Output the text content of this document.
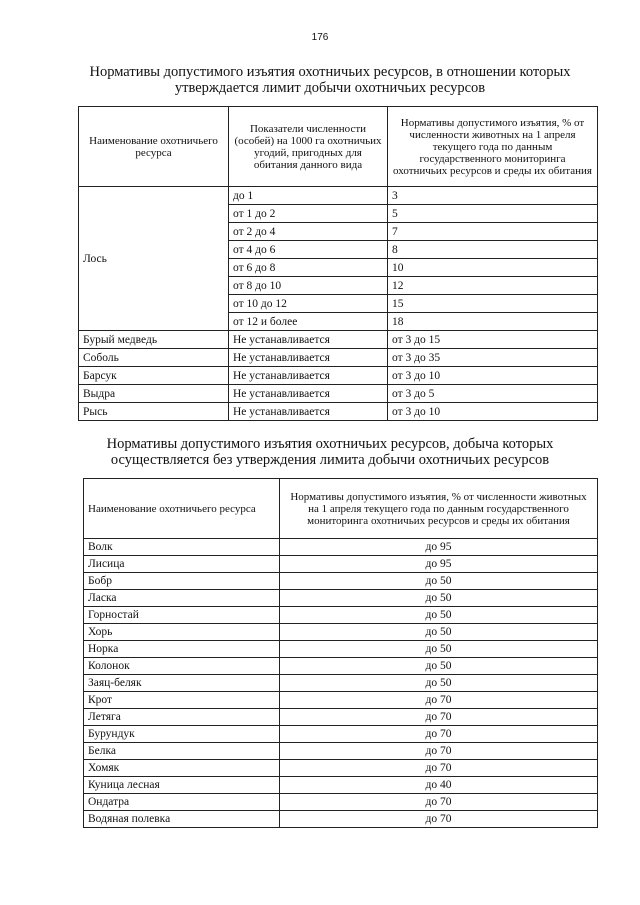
176
Нормативы допустимого изъятия охотничьих ресурсов, в отношении которых утверждается лимит добычи охотничьих ресурсов
Наименование охотничьего ресурса	Показатели численности (особей) на 1000 га охотничьих угодий, пригодных для обитания данного вида	Нормативы допустимого изъятия, % от численности животных на 1 апреля текущего года по данным государственного мониторинга охотничьих ресурсов и среды их обитания
Лось	до 1	3
	от 1 до 2	5
	от 2 до 4	7
	от 4 до 6	8
	от 6 до 8	10
	от 8 до 10	12
	от 10 до 12	15
	от 12 и более	18
Бурый медведь	Не устанавливается	от 3 до 15
Соболь	Не устанавливается	от 3 до 35
Барсук	Не устанавливается	от 3 до 10
Выдра	Не устанавливается	от 3 до 5
Рысь	Не устанавливается	от 3 до 10
Нормативы допустимого изъятия охотничьих ресурсов, добыча которых осуществляется без утверждения лимита добычи охотничьих ресурсов
Наименование охотничьего ресурса	Нормативы допустимого изъятия, % от численности животных на 1 апреля текущего года по данным государственного мониторинга охотничьих ресурсов и среды их обитания
Волк	до 95
Лисица	до 95
Бобр	до 50
Ласка	до 50
Горностай	до 50
Хорь	до 50
Норка	до 50
Колонок	до 50
Заяц-беляк	до 50
Крот	до 70
Летяга	до 70
Бурундук	до 70
Белка	до 70
Хомяк	до 70
Куница лесная	до 40
Ондатра	до 70
Водяная полевка	до 70
